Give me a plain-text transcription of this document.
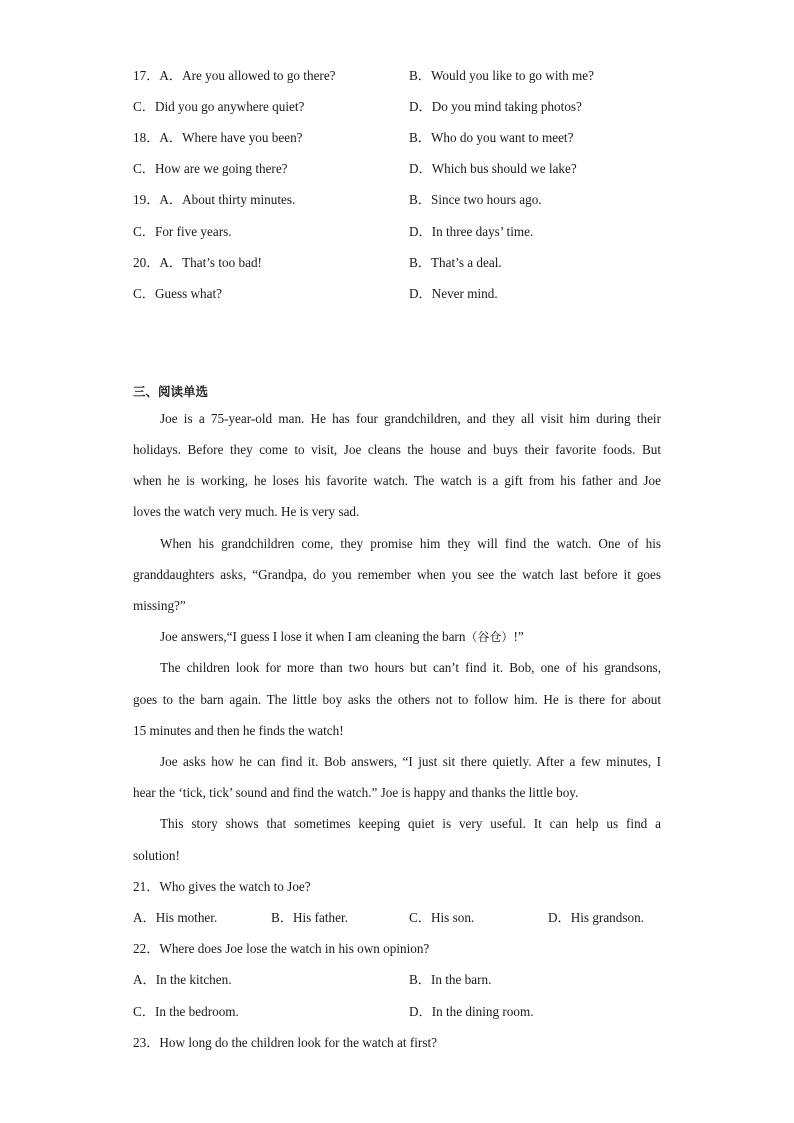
17．A．Are you allowed to go there?	B．Would you like to go with me?
C．Did you go anywhere quiet?	D．Do you mind taking photos?
18．A．Where have you been?	B．Who do you want to meet?
C．How are we going there?	D．Which bus should we lake?
19．A．About thirty minutes.	B．Since two hours ago.
C．For five years.	D．In three days’ time.
20．A．That’s too bad!	B．That’s a deal.
C．Guess what?	D．Never mind.
三、阅读单选
Joe is a 75-year-old man. He has four grandchildren, and they all visit him during their
holidays. Before they come to visit, Joe cleans the house and buys their favorite foods. But
when he is working, he loses his favorite watch. The watch is a gift from his father and Joe
loves the watch very much. He is very sad.
When his grandchildren come, they promise him they will find the watch. One of his
granddaughters asks, “Grandpa, do you remember when you see the watch last before it goes
missing?”
Joe answers,“I guess I lose it when I am cleaning the barn（谷仓）!”
The children look for more than two hours but can’t find it. Bob, one of his grandsons,
goes to the barn again. The little boy asks the others not to follow him. He is there for about
15 minutes and then he finds the watch!
Joe asks how he can find it. Bob answers, “I just sit there quietly. After a few minutes, I
hear the ‘tick, tick’ sound and find the watch.” Joe is happy and thanks the little boy.
This story shows that sometimes keeping quiet is very useful. It can help us find a
solution!
21．Who gives the watch to Joe?
A．His mother.	B．His father.	C．His son.	D．His grandson.
22．Where does Joe lose the watch in his own opinion?
A．In the kitchen.	B．In the barn.
C．In the bedroom.	D．In the dining room.
23．How long do the children look for the watch at first?
